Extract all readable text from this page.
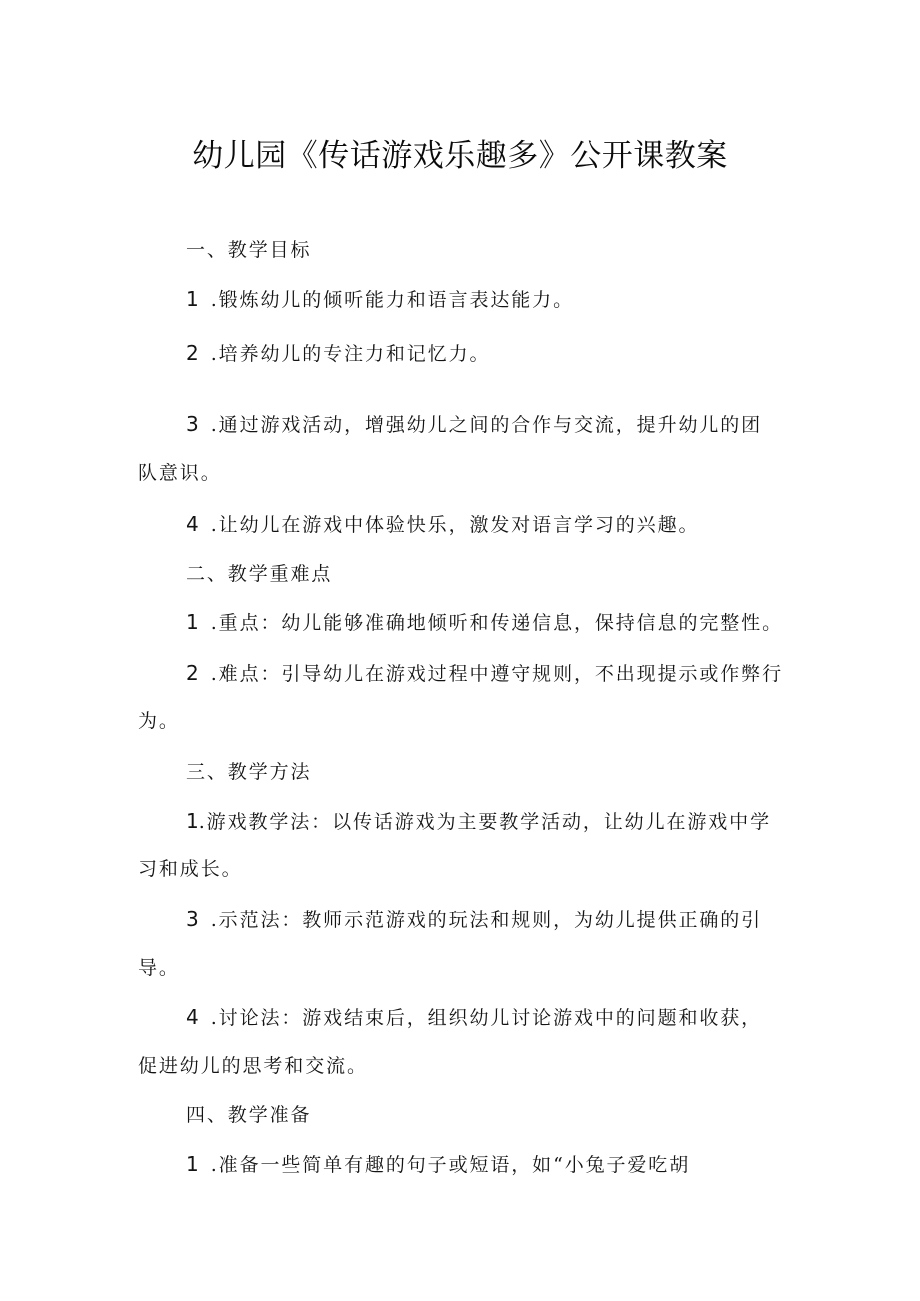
幼儿园《传话游戏乐趣多》公开课教案
一、教学目标
1 .锻炼幼儿的倾听能力和语言表达能力。
2 .培养幼儿的专注力和记忆力。
3 .通过游戏活动，增强幼儿之间的合作与交流，提升幼儿的团
队意识。
4 .让幼儿在游戏中体验快乐，激发对语言学习的兴趣。
二、教学重难点
1 .重点：幼儿能够准确地倾听和传递信息，保持信息的完整性。
2 .难点：引导幼儿在游戏过程中遵守规则，不出现提示或作弊行
为。
三、教学方法
1.游戏教学法：以传话游戏为主要教学活动，让幼儿在游戏中学
习和成长。
3 .示范法：教师示范游戏的玩法和规则，为幼儿提供正确的引
导。
4 .讨论法：游戏结束后，组织幼儿讨论游戏中的问题和收获，
促进幼儿的思考和交流。
四、教学准备
1 .准备一些简单有趣的句子或短语，如“小兔子爱吃胡
